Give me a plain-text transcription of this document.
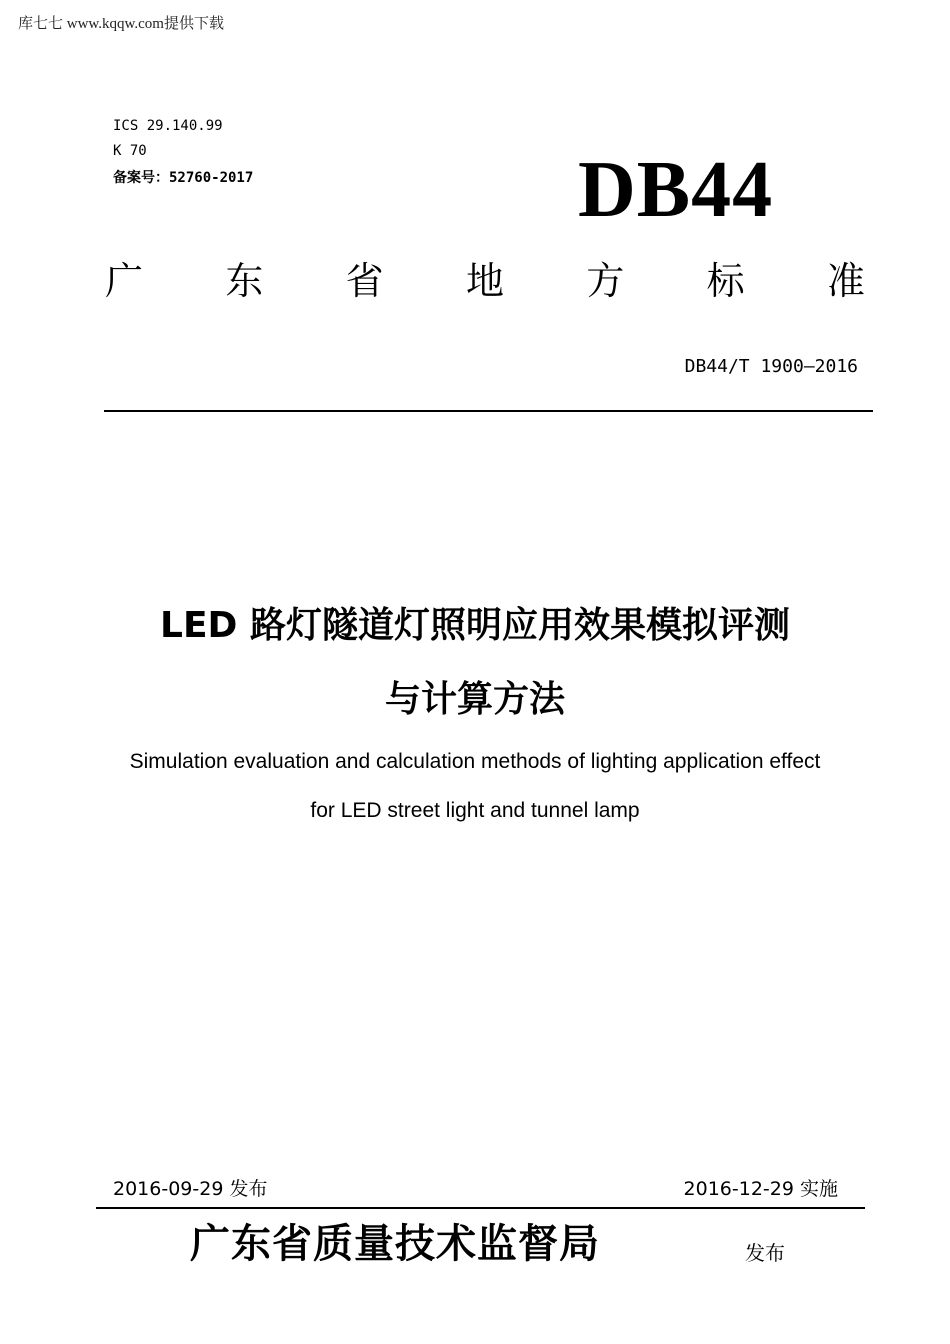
库七七 www.kqqw.com提供下载
ICS 29.140.99
K 70
备案号：52760-2017	DB44
广 东 省 地 方 标 准
DB44/T 1900—2016
LED 路灯隧道灯照明应用效果模拟评测
与计算方法
Simulation evaluation and calculation methods of lighting application effect
for LED street light and tunnel lamp
2016-09-29 发布	2016-12-29 实施
广东省质量技术监督局	发布
